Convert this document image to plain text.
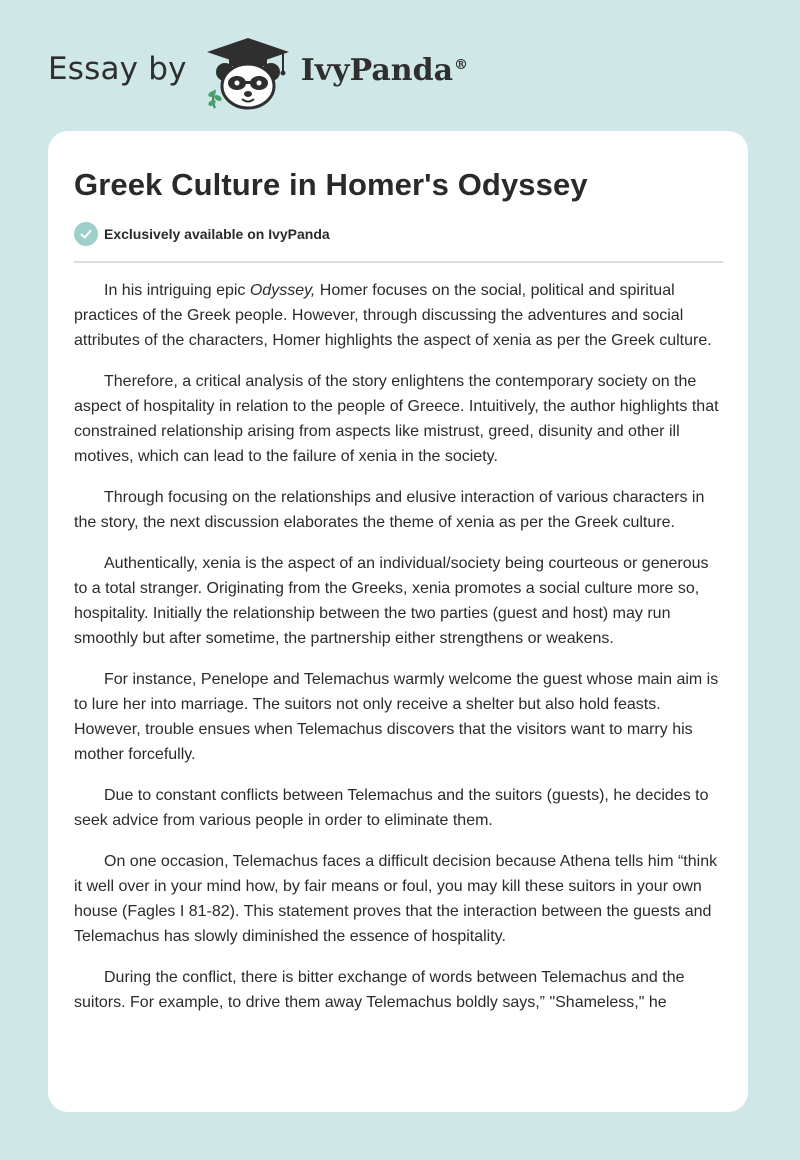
Essay by	IvyPanda®
Greek Culture in Homer's Odyssey
Exclusively available on IvyPanda

In his intriguing epic Odyssey, Homer focuses on the social, political and spiritual practices of the Greek people. However, through discussing the adventures and social attributes of the characters, Homer highlights the aspect of xenia as per the Greek culture.

Therefore, a critical analysis of the story enlightens the contemporary society on the aspect of hospitality in relation to the people of Greece. Intuitively, the author highlights that constrained relationship arising from aspects like mistrust, greed, disunity and other ill motives, which can lead to the failure of xenia in the society.

Through focusing on the relationships and elusive interaction of various characters in the story, the next discussion elaborates the theme of xenia as per the Greek culture.

Authentically, xenia is the aspect of an individual/society being courteous or generous to a total stranger. Originating from the Greeks, xenia promotes a social culture more so, hospitality. Initially the relationship between the two parties (guest and host) may run smoothly but after sometime, the partnership either strengthens or weakens.

For instance, Penelope and Telemachus warmly welcome the guest whose main aim is to lure her into marriage. The suitors not only receive a shelter but also hold feasts. However, trouble ensues when Telemachus discovers that the visitors want to marry his mother forcefully.

Due to constant conflicts between Telemachus and the suitors (guests), he decides to seek advice from various people in order to eliminate them.

On one occasion, Telemachus faces a difficult decision because Athena tells him “think it well over in your mind how, by fair means or foul, you may kill these suitors in your own house (Fagles I 81-82). This statement proves that the interaction between the guests and Telemachus has slowly diminished the essence of hospitality.

During the conflict, there is bitter exchange of words between Telemachus and the suitors. For example, to drive them away Telemachus boldly says,” "Shameless," he
